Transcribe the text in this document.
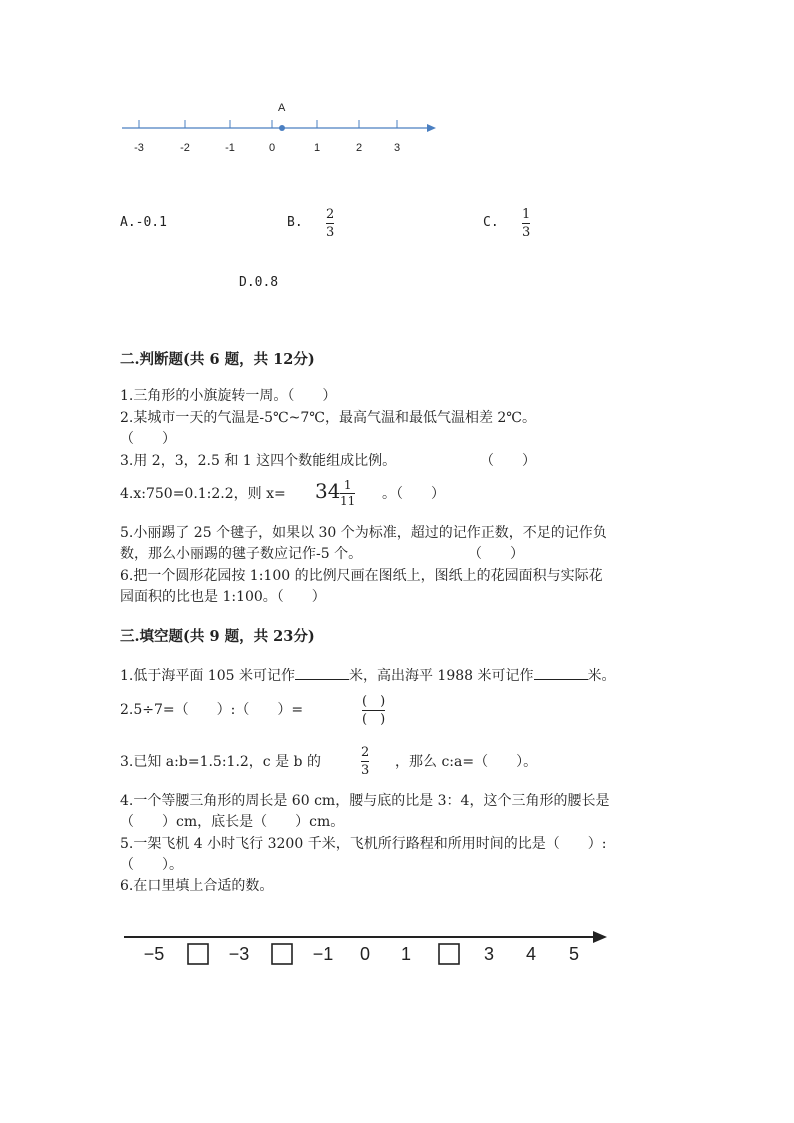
-3	-2	-1	0	1	2	3
A
A.-0.1	B.
2
3
C.
1
3
D.0.8
二.判断题(共 6 题，共 12分)
1.三角形的小旗旋转一周。（　　）
2.某城市一天的气温是-5℃~7℃，最高气温和最低气温相差 2℃。
（　　）
3.用 2，3，2.5 和 1 这四个数能组成比例。	（　　）
4.x:750=0.1:2.2，则 x= 34 1
11 。（　　）
5.小丽踢了 25 个毽子，如果以 30 个为标准，超过的记作正数，不足的记作负
数，那么小丽踢的毽子数应记作-5 个。	（　　）
6.把一个圆形花园按 1:100 的比例尺画在图纸上，图纸上的花园面积与实际花
园面积的比也是 1:100。（　　）
三.填空题(共 9 题，共 23分)
1.低于海平面 105 米可记作	米，高出海平 1988 米可记作	米。
2.5÷7=（　　）:（　　）=
(　)
(　)
3.已知 a:b=1.5:1.2，c 是 b 的
2
3
，那么 c:a=（　　）。
4.一个等腰三角形的周长是 60 cm，腰与底的比是 3：4，这个三角形的腰长是
（　　）cm，底长是（　　）cm。
5.一架飞机 4 小时飞行 3200 千米，飞机所行路程和所用时间的比是（　　）:
（　　）。
6.在口里填上合适的数。
−5	−3	−1 0 1	3 4 5
